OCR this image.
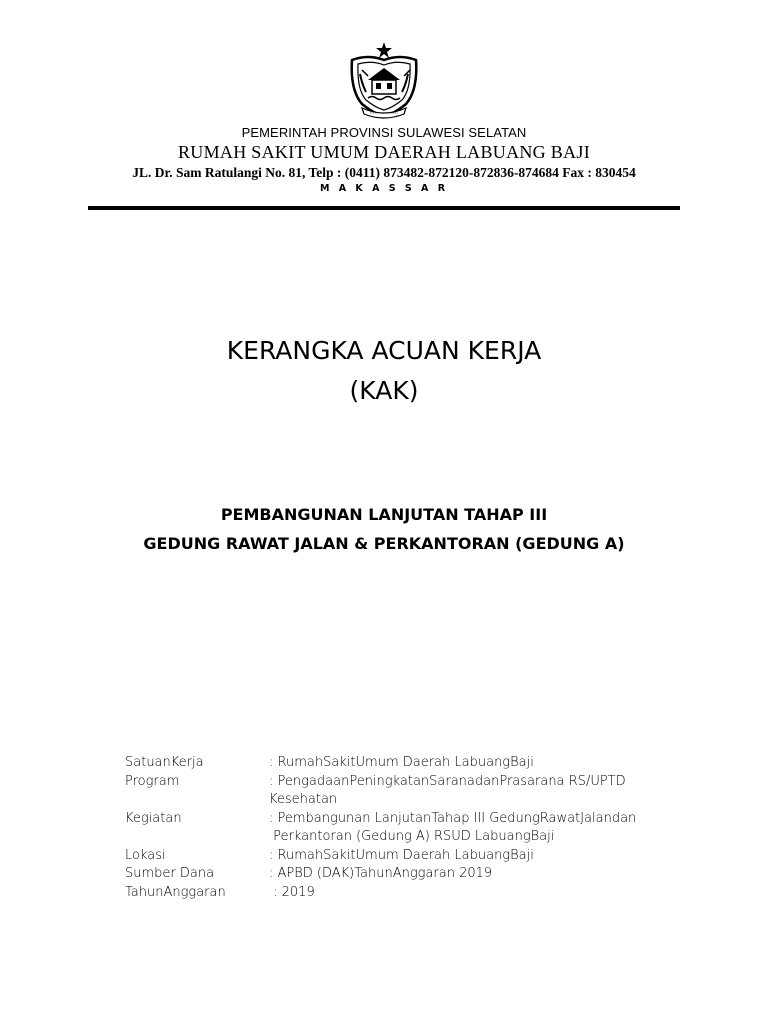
PEMERINTAH PROVINSI SULAWESI SELATAN
RUMAH SAKIT UMUM DAERAH LABUANG BAJI
JL. Dr. Sam Ratulangi No. 81, Telp : (0411) 873482-872120-872836-874684 Fax : 830454
M A K A S S A R
KERANGKA ACUAN KERJA
(KAK)
PEMBANGUNAN LANJUTAN TAHAP III
GEDUNG RAWAT JALAN & PERKANTORAN (GEDUNG A)
SatuanKerja	: RumahSakitUmum Daerah LabuangBaji
Program	: PengadaanPeningkatanSaranadanPrasarana RS/UPTD
Kesehatan
Kegiatan	: Pembangunan LanjutanTahap III GedungRawatJalandan
Perkantoran (Gedung A) RSUD LabuangBaji
Lokasi	: RumahSakitUmum Daerah LabuangBaji
Sumber Dana	: APBD (DAK)TahunAnggaran 2019
TahunAnggaran	: 2019
